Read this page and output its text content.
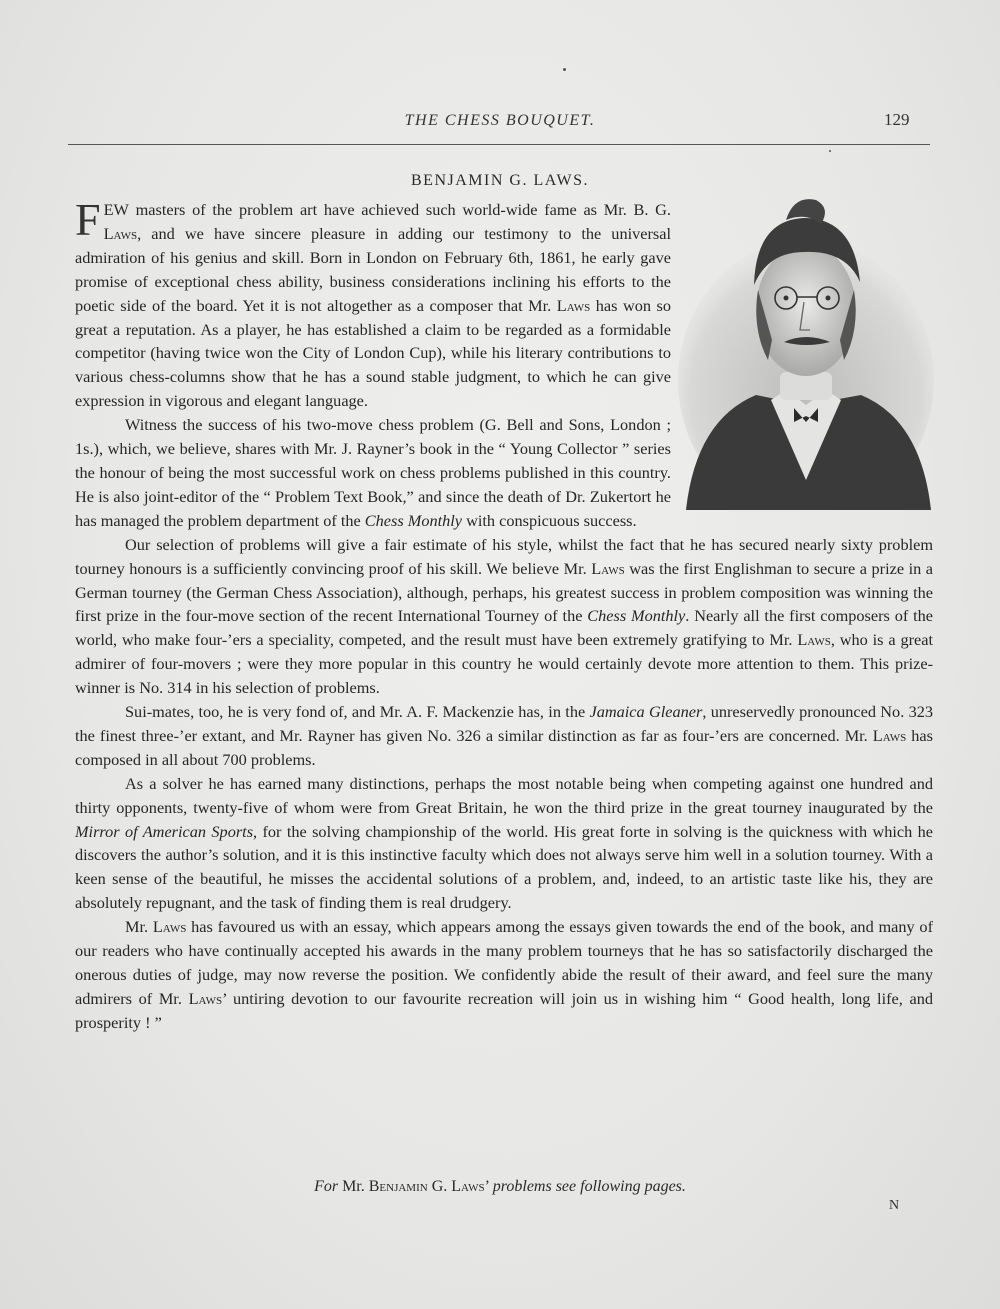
THE CHESS BOUQUET.	129
BENJAMIN G. LAWS.

FEW masters of the problem art have achieved such world-wide fame as Mr. B. G. Laws, and we have sincere pleasure in adding our testimony to the universal admiration of his genius and skill. Born in London on February 6th, 1861, he early gave promise of exceptional chess ability, business considerations inclining his efforts to the poetic side of the board. Yet it is not altogether as a composer that Mr. Laws has won so great a reputation. As a player, he has established a claim to be regarded as a formidable competitor (having twice won the City of London Cup), while his literary contributions to various chess-columns show that he has a sound stable judgment, to which he can give expression in vigorous and elegant language.

Witness the success of his two-move chess problem (G. Bell and Sons, London ; 1s.), which, we believe, shares with Mr. J. Rayner’s book in the “ Young Collector ” series the honour of being the most successful work on chess problems published in this country. He is also joint-editor of the “ Problem Text Book,” and since the death of Dr. Zukertort he has managed the problem department of the Chess Monthly with conspicuous success.

Our selection of problems will give a fair estimate of his style, whilst the fact that he has secured nearly sixty problem tourney honours is a sufficiently convincing proof of his skill. We believe Mr. Laws was the first Englishman to secure a prize in a German tourney (the German Chess Association), although, perhaps, his greatest success in problem composition was winning the first prize in the four-move section of the recent International Tourney of the Chess Monthly. Nearly all the first composers of the world, who make four-’ers a speciality, competed, and the result must have been extremely gratifying to Mr. Laws, who is a great admirer of four-movers ; were they more popular in this country he would certainly devote more attention to them. This prize-winner is No. 314 in his selection of problems.

Sui-mates, too, he is very fond of, and Mr. A. F. Mackenzie has, in the Jamaica Gleaner, unreservedly pronounced No. 323 the finest three-’er extant, and Mr. Rayner has given No. 326 a similar distinction as far as four-’ers are concerned. Mr. Laws has composed in all about 700 problems.

As a solver he has earned many distinctions, perhaps the most notable being when competing against one hundred and thirty opponents, twenty-five of whom were from Great Britain, he won the third prize in the great tourney inaugurated by the Mirror of American Sports, for the solving championship of the world. His great forte in solving is the quickness with which he discovers the author’s solution, and it is this instinctive faculty which does not always serve him well in a solution tourney. With a keen sense of the beautiful, he misses the accidental solutions of a problem, and, indeed, to an artistic taste like his, they are absolutely repugnant, and the task of finding them is real drudgery.

Mr. Laws has favoured us with an essay, which appears among the essays given towards the end of the book, and many of our readers who have continually accepted his awards in the many problem tourneys that he has so satisfactorily discharged the onerous duties of judge, may now reverse the position. We confidently abide the result of their award, and feel sure the many admirers of Mr. Laws’ untiring devotion to our favourite recreation will join us in wishing him “ Good health, long life, and prosperity ! ”

For Mr. Benjamin G. Laws’ problems see following pages.
N
